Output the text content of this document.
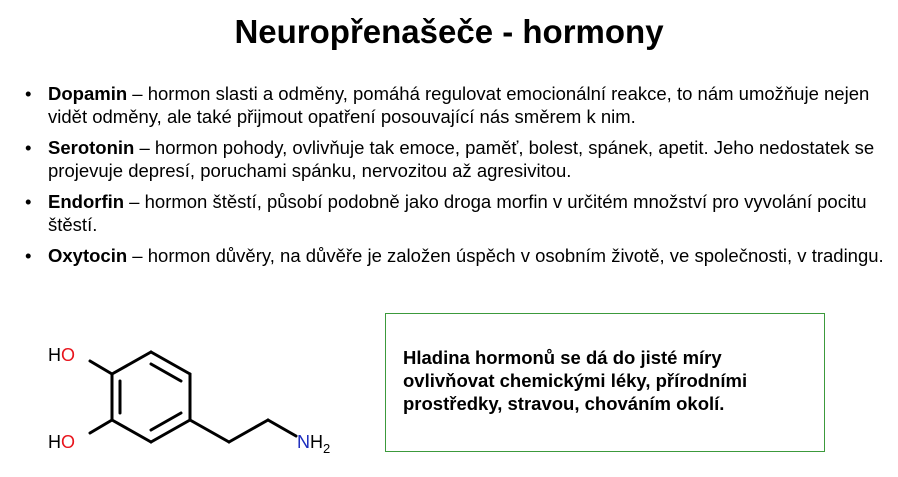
Neuropřenašeče - hormony
• Dopamin – hormon slasti a odměny, pomáhá regulovat emocionální reakce, to nám umožňuje nejen vidět odměny, ale také přijmout opatření posouvající nás směrem k nim.
• Serotonin – hormon pohody, ovlivňuje tak emoce, paměť, bolest, spánek, apetit. Jeho nedostatek se projevuje depresí, poruchami spánku, nervozitou až agresivitou.
• Endorfin – hormon štěstí, působí podobně jako droga morfin v určitém množství pro vyvolání pocitu štěstí.
• Oxytocin – hormon důvěry, na důvěře je založen úspěch v osobním životě, ve společnosti, v tradingu.
HO
HO	$NH_2$
Hladina hormonů se dá do jisté míry ovlivňovat chemickými léky, přírodními prostředky, stravou, chováním okolí.
